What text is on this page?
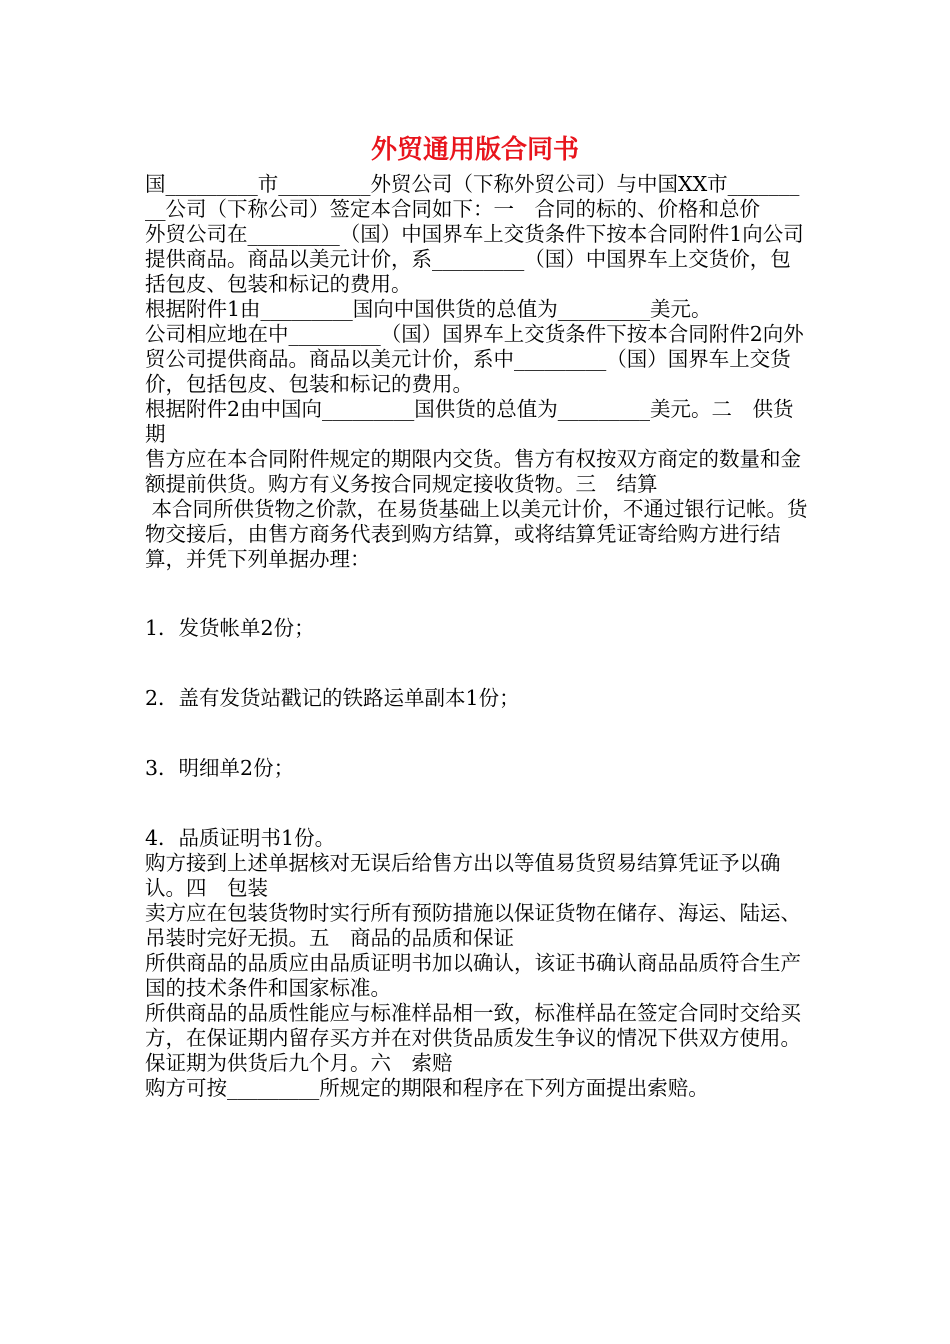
外贸通用版合同书

国_________市_________外贸公司（下称外贸公司）与中国XX市_________公司（下称公司）签定本合同如下：一　合同的标的、价格和总价

外贸公司在_________（国）中国界车上交货条件下按本合同附件1向公司提供商品。商品以美元计价，系_________（国）中国界车上交货价，包括包皮、包装和标记的费用。

根据附件1由_________国向中国供货的总值为_________美元。

公司相应地在中_________（国）国界车上交货条件下按本合同附件2向外贸公司提供商品。商品以美元计价，系中_________（国）国界车上交货价，包括包皮、包装和标记的费用。

根据附件2由中国向_________国供货的总值为_________美元。二　供货期

售方应在本合同附件规定的期限内交货。售方有权按双方商定的数量和金额提前供货。购方有义务按合同规定接收货物。三　结算

本合同所供货物之价款，在易货基础上以美元计价，不通过银行记帐。货物交接后，由售方商务代表到购方结算，或将结算凭证寄给购方进行结算，并凭下列单据办理：

1．发货帐单2份；

2．盖有发货站戳记的铁路运单副本1份；

3．明细单2份；

4．品质证明书1份。

购方接到上述单据核对无误后给售方出以等值易货贸易结算凭证予以确认。四　包装

卖方应在包装货物时实行所有预防措施以保证货物在储存、海运、陆运、吊装时完好无损。五　商品的品质和保证

所供商品的品质应由品质证明书加以确认，该证书确认商品品质符合生产国的技术条件和国家标准。

所供商品的品质性能应与标准样品相一致，标准样品在签定合同时交给买方，在保证期内留存买方并在对供货品质发生争议的情况下供双方使用。

保证期为供货后九个月。六　索赔

购方可按_________所规定的期限和程序在下列方面提出索赔。
